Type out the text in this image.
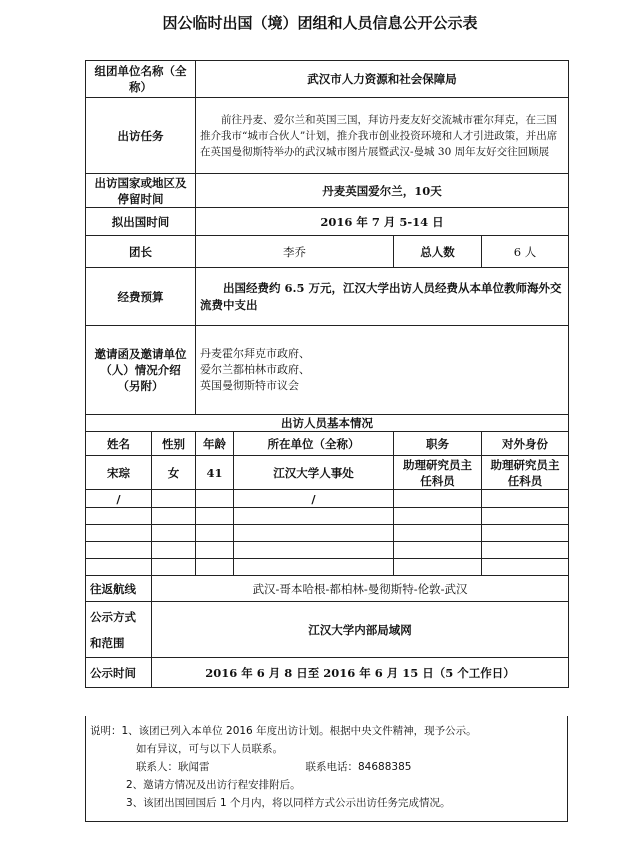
因公临时出国（境）团组和人员信息公开公示表
组团单位名称（全称）		武汉市人力资源和社会保障局			
出访任务		前往丹麦、爱尔兰和英国三国，拜访丹麦友好交流城市霍尔拜克，在三国推介我市“城市合伙人”计划，推介我市创业投资环境和人才引进政策，并出席在英国曼彻斯特举办的武汉城市图片展暨武汉-曼城 30 周年友好交往回顾展			
出访国家或地区及停留时间		丹麦英国爱尔兰，10天			
拟出国时间		2016 年 7 月 5-14 日			
团长		李乔		总人数	6 人
经费预算		出国经费约 6.5 万元，江汉大学出访人员经费从本单位教师海外交流费中支出			
邀请函及邀请单位（人）情况介绍（另附）		丹麦霍尔拜克市政府、
爱尔兰都柏林市政府、
英国曼彻斯特市议会			

出访人员基本情况					
姓名	性别	年龄	所在单位（全称）	职务	对外身份
宋琮	女	41	江汉大学人事处	助理研究员主任科员	助理研究员主任科员
/			/		

往返航线	武汉-哥本哈根-都柏林-曼彻斯特-伦敦-武汉				
公示方式和范围	江汉大学内部局域网				
公示时间	2016 年 6 月 8 日至 2016 年 6 月 15 日（5 个工作日）				
说明：1、该团已列入本单位 2016 年度出访计划。根据中央文件精神，现予公示。
如有异议，可与以下人员联系。
联系人：耿闻雷	联系电话：84688385
2、邀请方情况及出访行程安排附后。
3、该团出国回国后 1 个月内，将以同样方式公示出访任务完成情况。
